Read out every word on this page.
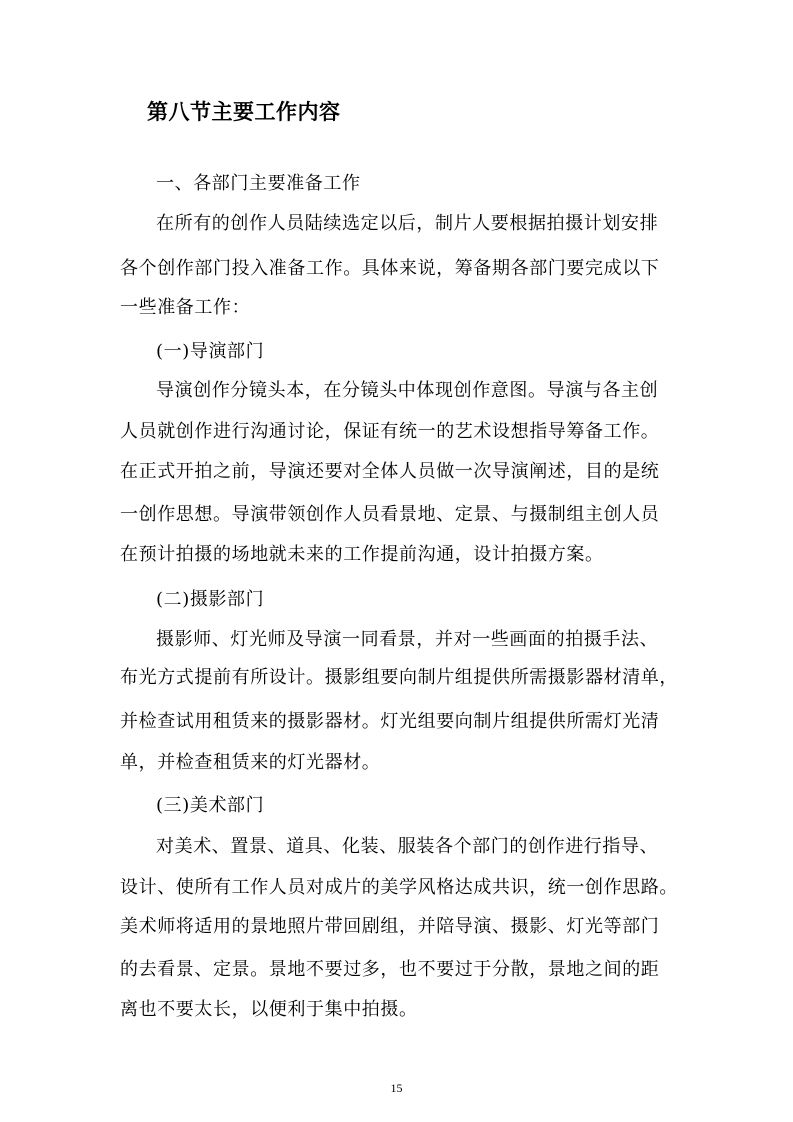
第八节主要工作内容
一、各部门主要准备工作
在所有的创作人员陆续选定以后，制片人要根据拍摄计划安排
各个创作部门投入准备工作。具体来说，筹备期各部门要完成以下
一些准备工作：
(一)导演部门
导演创作分镜头本，在分镜头中体现创作意图。导演与各主创
人员就创作进行沟通讨论，保证有统一的艺术设想指导筹备工作。
在正式开拍之前，导演还要对全体人员做一次导演阐述，目的是统
一创作思想。导演带领创作人员看景地、定景、与摄制组主创人员
在预计拍摄的场地就未来的工作提前沟通，设计拍摄方案。
(二)摄影部门
摄影师、灯光师及导演一同看景，并对一些画面的拍摄手法、
布光方式提前有所设计。摄影组要向制片组提供所需摄影器材清单，
并检查试用租赁来的摄影器材。灯光组要向制片组提供所需灯光清
单，并检查租赁来的灯光器材。
(三)美术部门
对美术、置景、道具、化装、服装各个部门的创作进行指导、
设计、使所有工作人员对成片的美学风格达成共识，统一创作思路。
美术师将适用的景地照片带回剧组，并陪导演、摄影、灯光等部门
的去看景、定景。景地不要过多，也不要过于分散，景地之间的距
离也不要太长，以便利于集中拍摄。
15
